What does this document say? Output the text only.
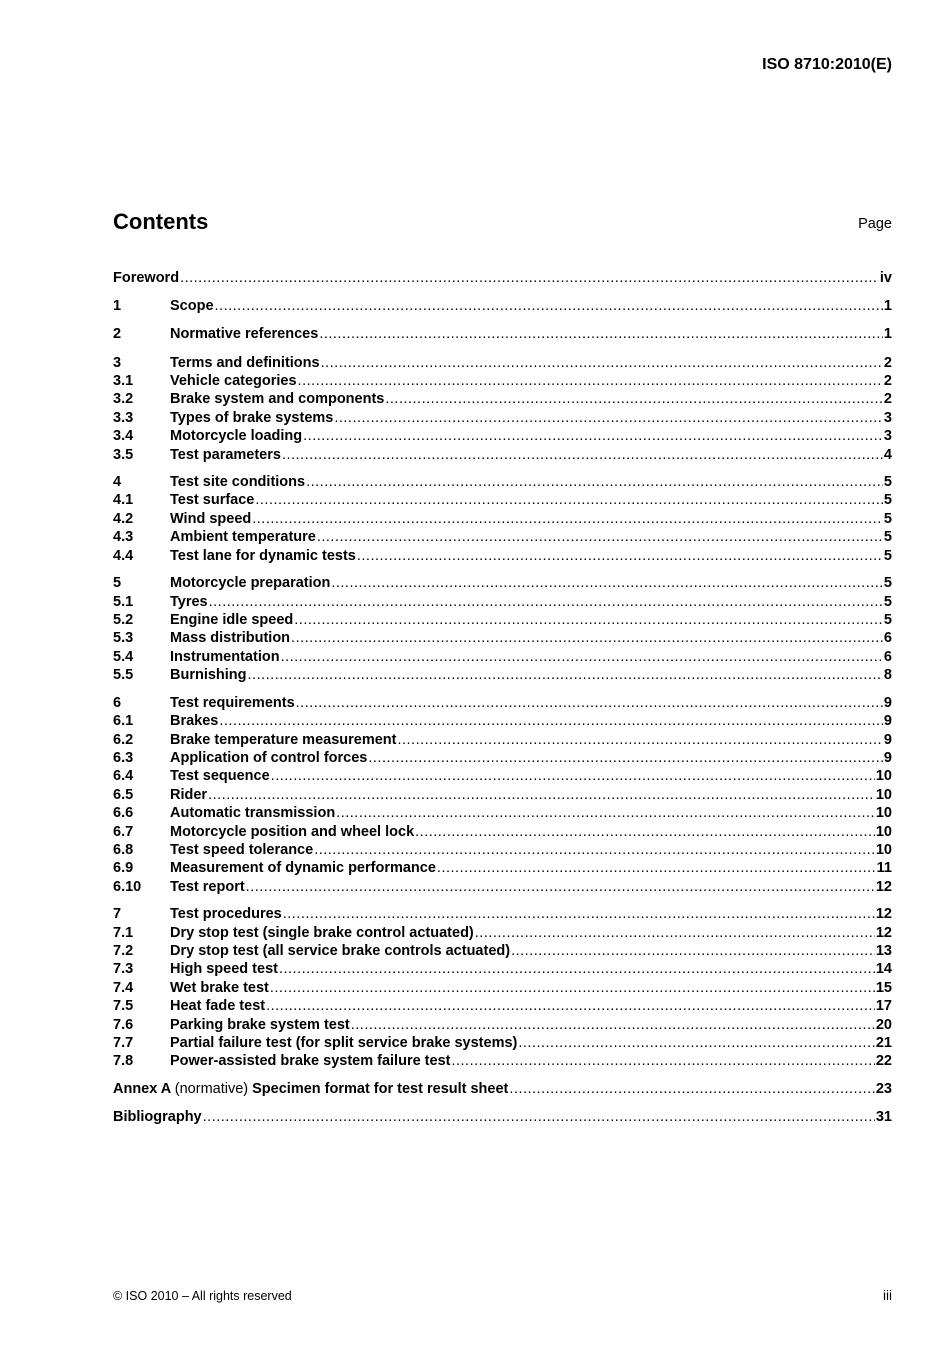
ISO 8710:2010(E)
Contents	Page
Foreword .....	iv
1	Scope .....	1
2	Normative references .....	1
3	Terms and definitions .....	2
3.1	Vehicle categories .....	2
3.2	Brake system and components .....	2
3.3	Types of brake systems .....	3
3.4	Motorcycle loading .....	3
3.5	Test parameters .....	4
4	Test site conditions .....	5
4.1	Test surface .....	5
4.2	Wind speed .....	5
4.3	Ambient temperature .....	5
4.4	Test lane for dynamic tests .....	5
5	Motorcycle preparation .....	5
5.1	Tyres .....	5
5.2	Engine idle speed .....	5
5.3	Mass distribution .....	6
5.4	Instrumentation .....	6
5.5	Burnishing .....	8
6	Test requirements .....	9
6.1	Brakes .....	9
6.2	Brake temperature measurement .....	9
6.3	Application of control forces .....	9
6.4	Test sequence .....	10
6.5	Rider .....	10
6.6	Automatic transmission .....	10
6.7	Motorcycle position and wheel lock .....	10
6.8	Test speed tolerance .....	10
6.9	Measurement of dynamic performance .....	11
6.10	Test report .....	12
7	Test procedures .....	12
7.1	Dry stop test (single brake control actuated) .....	12
7.2	Dry stop test (all service brake controls actuated) .....	13
7.3	High speed test .....	14
7.4	Wet brake test .....	15
7.5	Heat fade test .....	17
7.6	Parking brake system test .....	20
7.7	Partial failure test (for split service brake systems) .....	21
7.8	Power-assisted brake system failure test .....	22
Annex A (normative) Specimen format for test result sheet .....	23
Bibliography .....	31
© ISO 2010 – All rights reserved	iii
